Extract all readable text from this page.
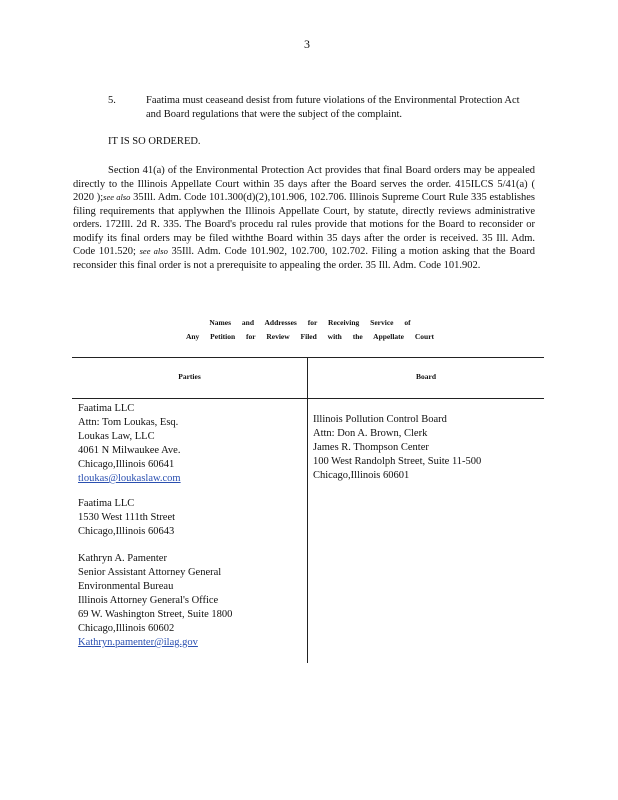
3
5.	Faatima must ceaseand desist from future violations of the Environmental Protection Act and Board regulations that were the subject of the complaint.
IT IS SO ORDERED.
Section 41(a) of the Environmental Protection Act provides that final Board orders may be appealed directly to the Illinois Appellate Court within 35 days after the Board serves the order. 415ILCS 5/41(a) ( 2020 );see also 35Ill. Adm. Code 101.300(d)(2),101.906, 102.706. Illinois Supreme Court Rule 335 establishes filing requirements that applywhen the Illinois Appellate Court, by statute, directly reviews administrative orders. 172Ill. 2d R. 335. The Board's procedu ral rules provide that motions for the Board to reconsider or modify its final orders may be filed withthe Board within 35 days after the order is received. 35 Ill. Adm. Code 101.520; see also 35Ill. Adm. Code 101.902, 102.700, 102.702. Filing a motion asking that the Board reconsider this final order is not a prerequisite to appealing the order. 35 Ill. Adm. Code 101.902.
Names and Addresses for Receiving Service of
Any Petition for Review Filed with the Appellate Court
Parties	Board
Faatima LLC
Attn: Tom Loukas, Esq.
Loukas Law, LLC
4061 N Milwaukee Ave.
Chicago,Illinois 60641
tloukas@loukaslaw.com
Faatima LLC
1530 West 111th Street
Chicago,Illinois 60643
Kathryn A. Pamenter
Senior Assistant Attorney General
Environmental Bureau
Illinois Attorney General's Office
69 W. Washington Street, Suite 1800
Chicago,Illinois 60602
Kathryn.pamenter@ilag.gov
Illinois Pollution Control Board
Attn: Don A. Brown, Clerk
James R. Thompson Center
100 West Randolph Street, Suite 11-500
Chicago,Illinois 60601
